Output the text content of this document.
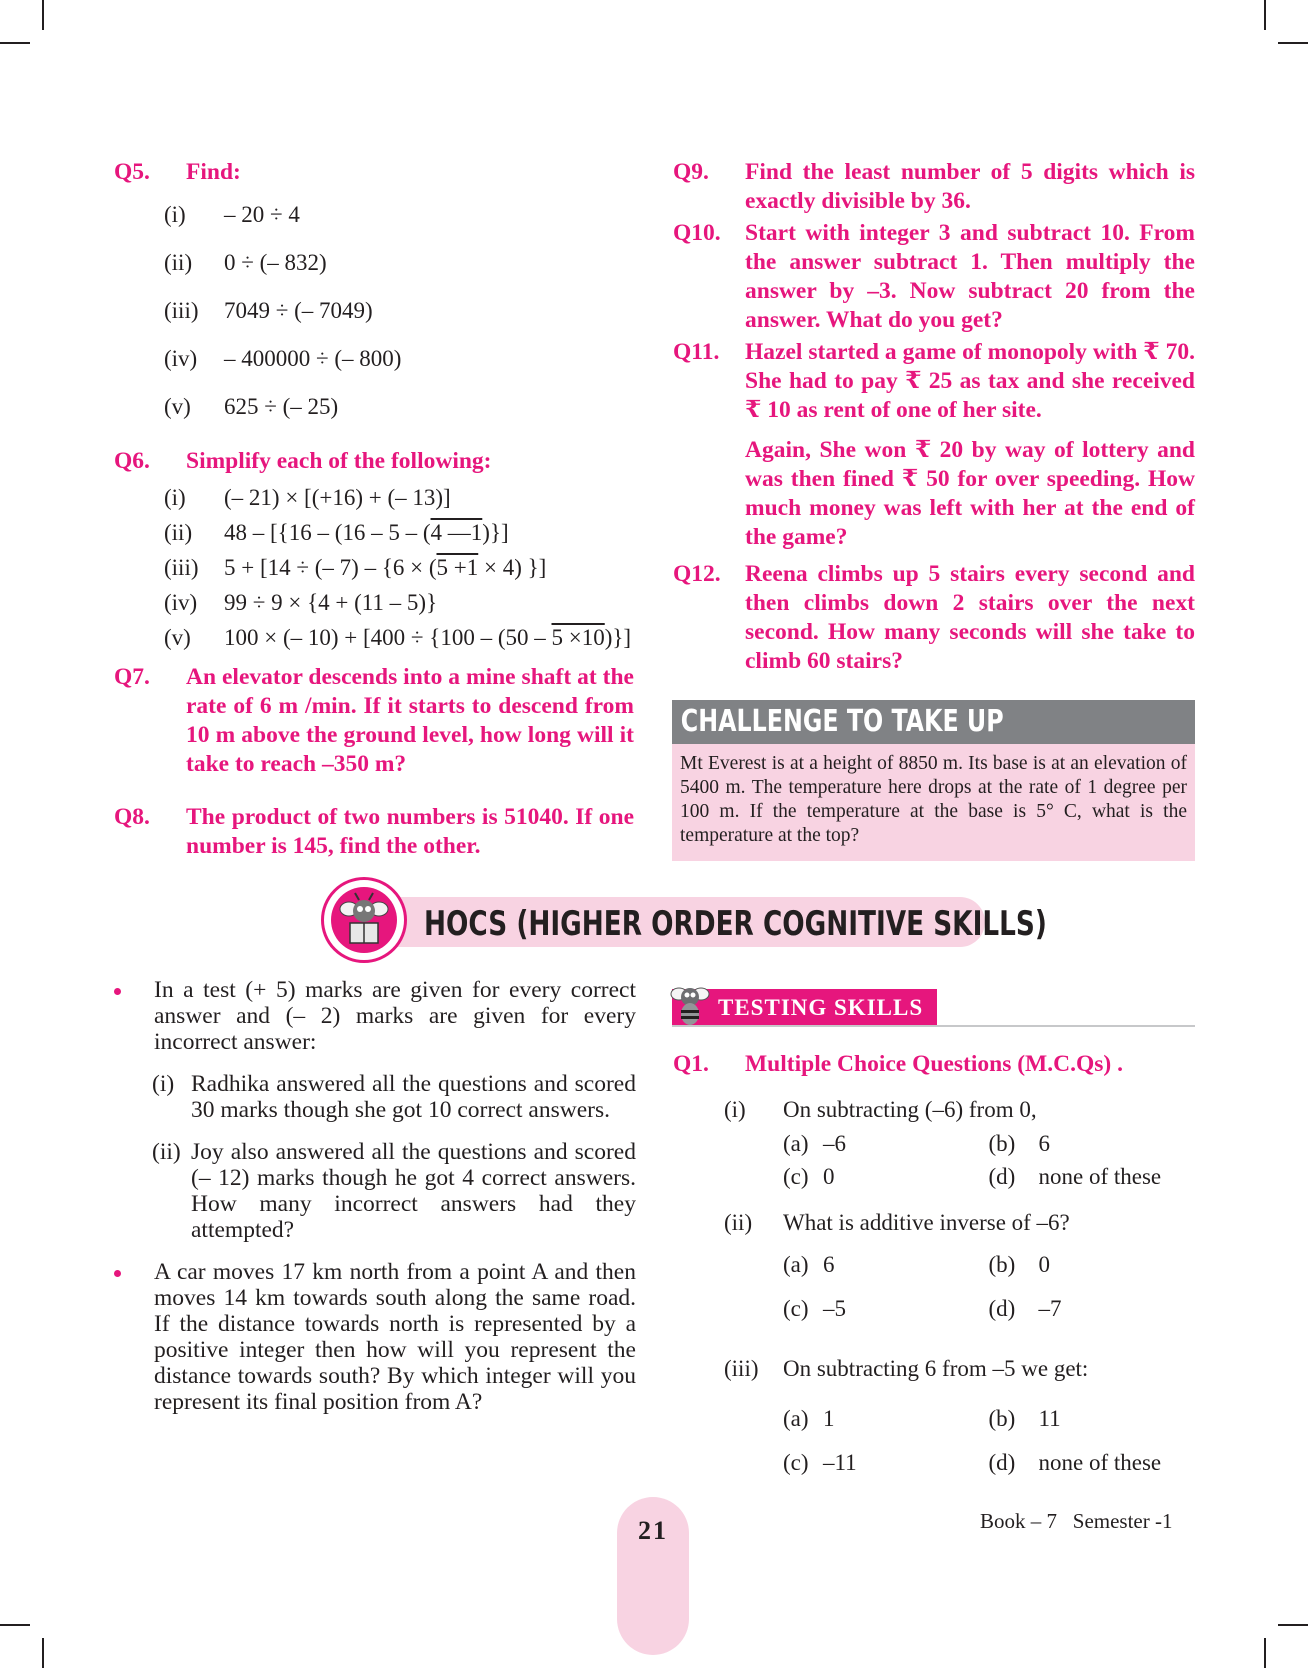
Q5. Find:
(i)	– 20 ÷ 4
(ii)	0 ÷ (– 832)
(iii)	7049 ÷ (– 7049)
(iv)	– 400000 ÷ (– 800)
(v)	625 ÷ (– 25)
Q6. Simplify each of the following:
(i)	(– 21) × [(+16) + (– 13)]
(ii)	48 – [{16 – (16 – 5 – (4 —1)}]
(iii)	5 + [14 ÷ (– 7) – {6 × (5 +1 × 4) }]
(iv)	99 ÷ 9 × {4 + (11 – 5)}
(v)	100 × (– 10) + [400 ÷ {100 – (50 – 5 ×10)}]
Q7. An elevator descends into a mine shaft at the rate of 6 m /min. If it starts to descend from 10 m above the ground level, how long will it take to reach –350 m?
Q8. The product of two numbers is 51040. If one number is 145, find the other.
Q9. Find the least number of 5 digits which is exactly divisible by 36.
Q10. Start with integer 3 and subtract 10. From the answer subtract 1. Then multiply the answer by –3. Now subtract 20 from the answer. What do you get?
Q11. Hazel started a game of monopoly with ₹ 70. She had to pay ₹ 25 as tax and she received ₹ 10 as rent of one of her site.
Again, She won ₹ 20 by way of lottery and was then fined ₹ 50 for over speeding. How much money was left with her at the end of the game?
Q12. Reena climbs up 5 stairs every second and then climbs down 2 stairs over the next second. How many seconds will she take to climb 60 stairs?
CHALLENGE TO TAKE UP
Mt Everest is at a height of 8850 m. Its base is at an elevation of 5400 m. The temperature here drops at the rate of 1 degree per 100 m. If the temperature at the base is 5° C, what is the temperature at the top?
HOCS (HIGHER ORDER COGNITIVE SKILLS)
In a test (+ 5) marks are given for every correct answer and (– 2) marks are given for every incorrect answer:
(i) Radhika answered all the questions and scored 30 marks though she got 10 correct answers.
(ii) Joy also answered all the questions and scored (– 12) marks though he got 4 correct answers. How many incorrect answers had they attempted?
A car moves 17 km north from a point A and then moves 14 km towards south along the same road. If the distance towards north is represented by a positive integer then how will you represent the distance towards south? By which integer will you represent its final position from A?
TESTING SKILLS
Q1. Multiple Choice Questions (M.C.Qs) .
(i)	On subtracting (–6) from 0,
(a) –6	(b)	6
(c) 0	(d)	none of these
(ii)	What is additive inverse of –6?
(a) 6	(b)	0
(c) –5	(d)	–7
(iii)	On subtracting 6 from –5 we get:
(a) 1	(b)	11
(c) –11	(d)	none of these
21	Book – 7 Semester -1
